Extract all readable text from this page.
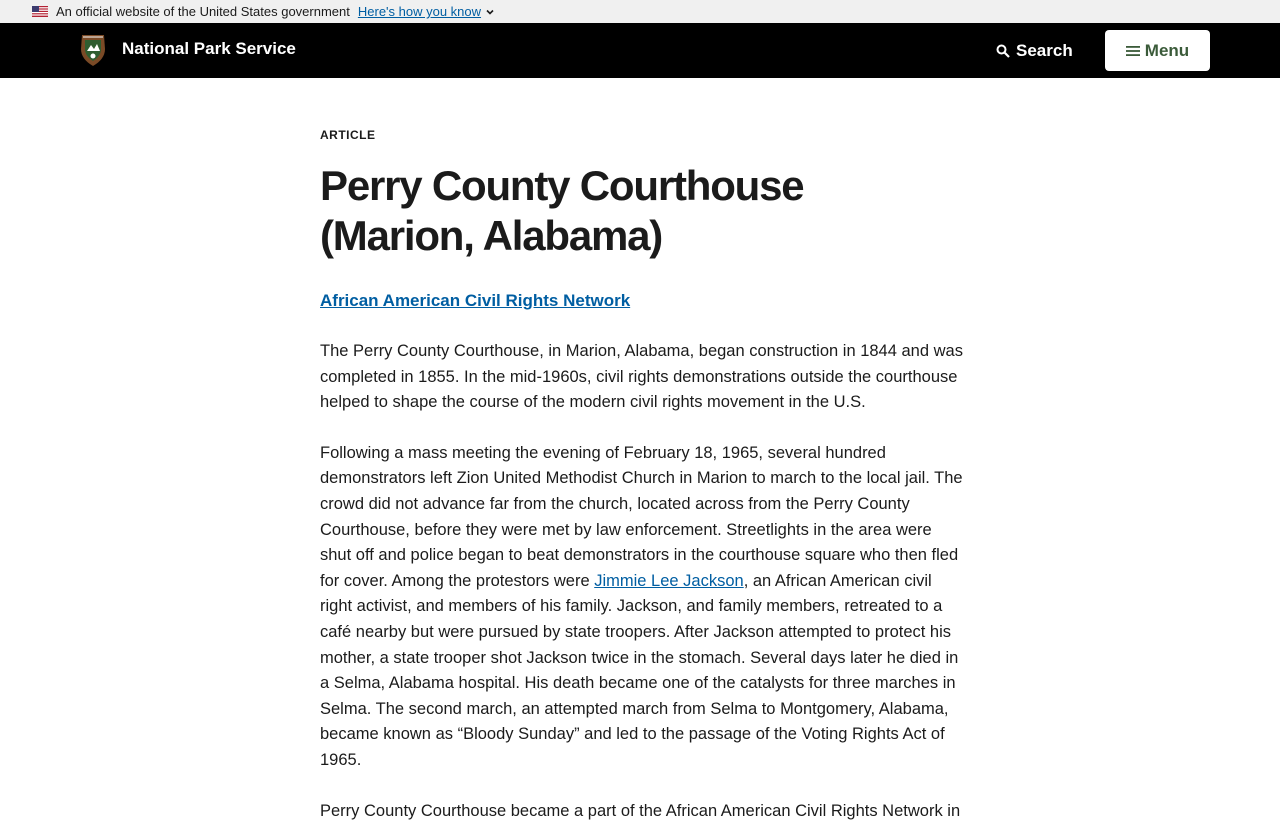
An official website of the United States government Here's how you know
National Park Service	Search	Menu
ARTICLE
Perry County Courthouse (Marion, Alabama)
African American Civil Rights Network

The Perry County Courthouse, in Marion, Alabama, began construction in 1844 and was completed in 1855. In the mid-1960s, civil rights demonstrations outside the courthouse helped to shape the course of the modern civil rights movement in the U.S.

Following a mass meeting the evening of February 18, 1965, several hundred demonstrators left Zion United Methodist Church in Marion to march to the local jail. The crowd did not advance far from the church, located across from the Perry County Courthouse, before they were met by law enforcement. Streetlights in the area were shut off and police began to beat demonstrators in the courthouse square who then fled for cover. Among the protestors were Jimmie Lee Jackson, an African American civil right activist, and members of his family. Jackson, and family members, retreated to a café nearby but were pursued by state troopers. After Jackson attempted to protect his mother, a state trooper shot Jackson twice in the stomach. Several days later he died in a Selma, Alabama hospital. His death became one of the catalysts for three marches in Selma. The second march, an attempted march from Selma to Montgomery, Alabama, became known as “Bloody Sunday” and led to the passage of the Voting Rights Act of 1965.

Perry County Courthouse became a part of the African American Civil Rights Network in
